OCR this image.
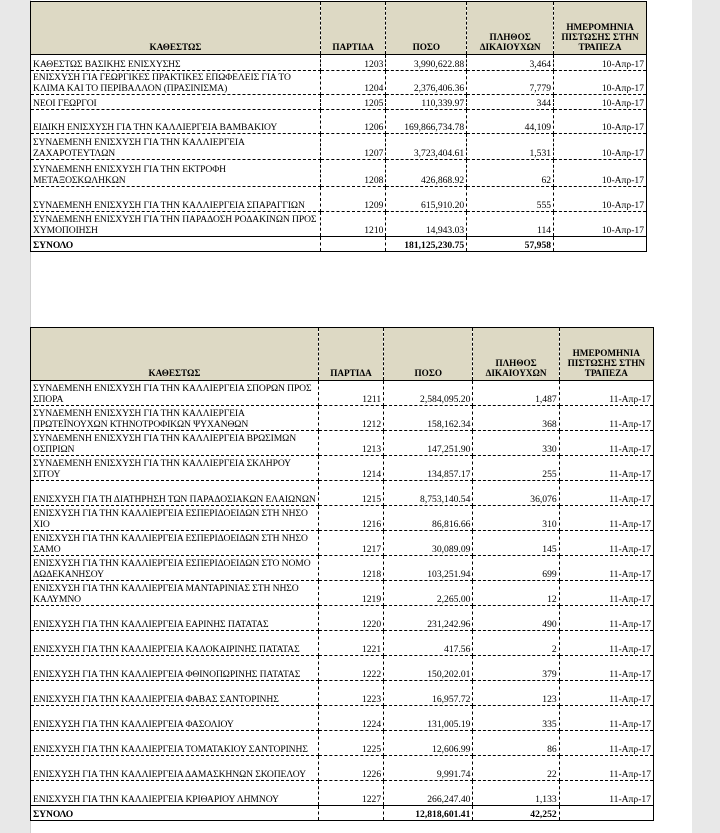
ΚΑΘΕΣΤΩΣ	ΠΑΡΤΙΔΑ	ΠΟΣΟ	ΠΛΗΘΟΣ ΔΙΚΑΙΟΥΧΩΝ	ΗΜΕΡΟΜΗΝΙΑ ΠΙΣΤΩΣΗΣ ΣΤΗΝ ΤΡΑΠΕΖΑ
ΚΑΘΕΣΤΩΣ ΒΑΣΙΚΗΣ ΕΝΙΣΧΥΣΗΣ	1203	3,990,622.88	3,464	10-Απρ-17
ΕΝΙΣΧΥΣΗ ΓΙΑ ΓΕΩΡΓΙΚΕΣ ΠΡΑΚΤΙΚΕΣ ΕΠΩΦΕΛΕΙΣ ΓΙΑ ΤΟ ΚΛΙΜΑ ΚΑΙ ΤΟ ΠΕΡΙΒΑΛΛΟΝ (ΠΡΑΣΙΝΙΣΜΑ)	1204	2,376,406.36	7,779	10-Απρ-17
ΝΕΟΙ ΓΕΩΡΓΟΙ	1205	110,339.97	344	10-Απρ-17
ΕΙΔΙΚΗ ΕΝΙΣΧΥΣΗ ΓΙΑ ΤΗΝ ΚΑΛΛΙΕΡΓΕΙΑ ΒΑΜΒΑΚΙΟΥ	1206	169,866,734.78	44,109	10-Απρ-17
ΣΥΝΔΕΜΕΝΗ ΕΝΙΣΧΥΣΗ ΓΙΑ ΤΗΝ ΚΑΛΛΙΕΡΓΕΙΑ ΖΑΧΑΡΟΤΕΥΤΛΩΝ	1207	3,723,404.61	1,531	10-Απρ-17
ΣΥΝΔΕΜΕΝΗ ΕΝΙΣΧΥΣΗ ΓΙΑ ΤΗΝ ΕΚΤΡΟΦΗ ΜΕΤΑΞΟΣΚΩΛΗΚΩΝ	1208	426,868.92	62	10-Απρ-17
ΣΥΝΔΕΜΕΝΗ ΕΝΙΣΧΥΣΗ ΓΙΑ ΤΗΝ ΚΑΛΛΙΕΡΓΕΙΑ ΣΠΑΡΑΓΓΙΩΝ	1209	615,910.20	555	10-Απρ-17
ΣΥΝΔΕΜΕΝΗ ΕΝΙΣΧΥΣΗ ΓΙΑ ΤΗΝ ΠΑΡΑΔΟΣΗ ΡΟΔΑΚΙΝΩΝ ΠΡΟΣ ΧΥΜΟΠΟΙΗΣΗ	1210	14,943.03	114	10-Απρ-17
ΣΥΝΟΛΟ		181,125,230.75	57,958	
ΚΑΘΕΣΤΩΣ	ΠΑΡΤΙΔΑ	ΠΟΣΟ	ΠΛΗΘΟΣ ΔΙΚΑΙΟΥΧΩΝ	ΗΜΕΡΟΜΗΝΙΑ ΠΙΣΤΩΣΗΣ ΣΤΗΝ ΤΡΑΠΕΖΑ
ΣΥΝΔΕΜΕΝΗ ΕΝΙΣΧΥΣΗ ΓΙΑ ΤΗΝ ΚΑΛΛΙΕΡΓΕΙΑ ΣΠΟΡΩΝ ΠΡΟΣ ΣΠΟΡΑ	1211	2,584,095.20	1,487	11-Απρ-17
ΣΥΝΔΕΜΕΝΗ ΕΝΙΣΧΥΣΗ ΓΙΑ ΤΗΝ ΚΑΛΛΙΕΡΓΕΙΑ ΠΡΩΤΕΪΝΟΥΧΩΝ ΚΤΗΝΟΤΡΟΦΙΚΩΝ ΨΥΧΑΝΘΩΝ	1212	158,162.34	368	11-Απρ-17
ΣΥΝΔΕΜΕΝΗ ΕΝΙΣΧΥΣΗ ΓΙΑ ΤΗΝ ΚΑΛΛΙΕΡΓΕΙΑ ΒΡΩΣΙΜΩΝ ΟΣΠΡΙΩΝ	1213	147,251.90	330	11-Απρ-17
ΣΥΝΔΕΜΕΝΗ ΕΝΙΣΧΥΣΗ ΓΙΑ ΤΗΝ ΚΑΛΛΙΕΡΓΕΙΑ ΣΚΛΗΡΟΥ ΣΙΤΟΥ	1214	134,857.17	255	11-Απρ-17
ΕΝΙΣΧΥΣΗ ΓΙΑ ΤΗ ΔΙΑΤΗΡΗΣΗ ΤΩΝ ΠΑΡΑΔΟΣΙΑΚΩΝ ΕΛΑΙΩΝΩΝ	1215	8,753,140.54	36,076	11-Απρ-17
ΕΝΙΣΧΥΣΗ ΓΙΑ ΤΗΝ ΚΑΛΛΙΕΡΓΕΙΑ ΕΣΠΕΡΙΔΟΕΙΔΩΝ ΣΤΗ ΝΗΣΟ ΧΙΟ	1216	86,816.66	310	11-Απρ-17
ΕΝΙΣΧΥΣΗ ΓΙΑ ΤΗΝ ΚΑΛΛΙΕΡΓΕΙΑ ΕΣΠΕΡΙΔΟΕΙΔΩΝ ΣΤΗ ΝΗΣΟ ΣΑΜΟ	1217	30,089.09	145	11-Απρ-17
ΕΝΙΣΧΥΣΗ ΓΙΑ ΤΗΝ ΚΑΛΛΙΕΡΓΕΙΑ ΕΣΠΕΡΙΔΟΕΙΔΩΝ ΣΤΟ ΝΟΜΟ ΔΩΔΕΚΑΝΗΣΟΥ	1218	103,251.94	699	11-Απρ-17
ΕΝΙΣΧΥΣΗ ΓΙΑ ΤΗΝ ΚΑΛΛΙΕΡΓΕΙΑ ΜΑΝΤΑΡΙΝΙΑΣ ΣΤΗ ΝΗΣΟ ΚΑΛΥΜΝΟ	1219	2,265.00	12	11-Απρ-17
ΕΝΙΣΧΥΣΗ ΓΙΑ ΤΗΝ ΚΑΛΛΙΕΡΓΕΙΑ ΕΑΡΙΝΗΣ ΠΑΤΑΤΑΣ	1220	231,242.96	490	11-Απρ-17
ΕΝΙΣΧΥΣΗ ΓΙΑ ΤΗΝ ΚΑΛΛΙΕΡΓΕΙΑ ΚΑΛΟΚΑΙΡΙΝΗΣ ΠΑΤΑΤΑΣ	1221	417.56	2	11-Απρ-17
ΕΝΙΣΧΥΣΗ ΓΙΑ ΤΗΝ ΚΑΛΛΙΕΡΓΕΙΑ ΦΘΙΝΟΠΩΡΙΝΗΣ ΠΑΤΑΤΑΣ	1222	150,202.01	379	11-Απρ-17
ΕΝΙΣΧΥΣΗ ΓΙΑ ΤΗΝ ΚΑΛΛΙΕΡΓΕΙΑ ΦΑΒΑΣ ΣΑΝΤΟΡΙΝΗΣ	1223	16,957.72	123	11-Απρ-17
ΕΝΙΣΧΥΣΗ ΓΙΑ ΤΗΝ ΚΑΛΛΙΕΡΓΕΙΑ ΦΑΣΟΛΙΟΥ	1224	131,005.19	335	11-Απρ-17
ΕΝΙΣΧΥΣΗ ΓΙΑ ΤΗΝ ΚΑΛΛΙΕΡΓΕΙΑ ΤΟΜΑΤΑΚΙΟΥ ΣΑΝΤΟΡΙΝΗΣ	1225	12,606.99	86	11-Απρ-17
ΕΝΙΣΧΥΣΗ ΓΙΑ ΤΗΝ ΚΑΛΛΙΕΡΓΕΙΑ ΔΑΜΑΣΚΗΝΩΝ ΣΚΟΠΕΛΟΥ	1226	9,991.74	22	11-Απρ-17
ΕΝΙΣΧΥΣΗ ΓΙΑ ΤΗΝ ΚΑΛΛΙΕΡΓΕΙΑ ΚΡΙΘΑΡΙΟΥ ΛΗΜΝΟΥ	1227	266,247.40	1,133	11-Απρ-17
ΣΥΝΟΛΟ		12,818,601.41	42,252	
